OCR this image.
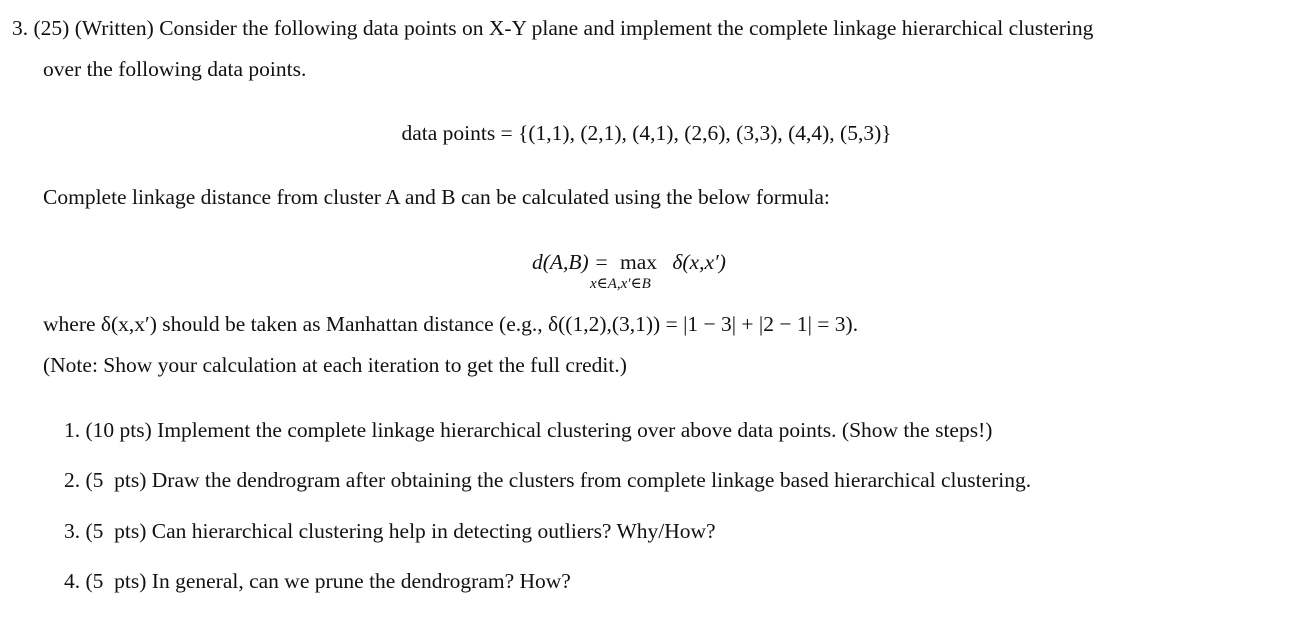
3. (25) (Written) Consider the following data points on X-Y plane and implement the complete linkage hierarchical clustering
over the following data points.
data points = {(1,1), (2,1), (4,1), (2,6), (3,3), (4,4), (5,3)}
Complete linkage distance from cluster A and B can be calculated using the below formula:
d(A,B) = max
x∈A,x′∈B
δ(x,x′)
where δ(x,x′) should be taken as Manhattan distance (e.g., δ((1,2),(3,1)) = |1 − 3| + |2 − 1| = 3).
(Note: Show your calculation at each iteration to get the full credit.)
1. (10 pts) Implement the complete linkage hierarchical clustering over above data points. (Show the steps!)
2. (5  pts) Draw the dendrogram after obtaining the clusters from complete linkage based hierarchical clustering.
3. (5  pts) Can hierarchical clustering help in detecting outliers? Why/How?
4. (5  pts) In general, can we prune the dendrogram? How?
